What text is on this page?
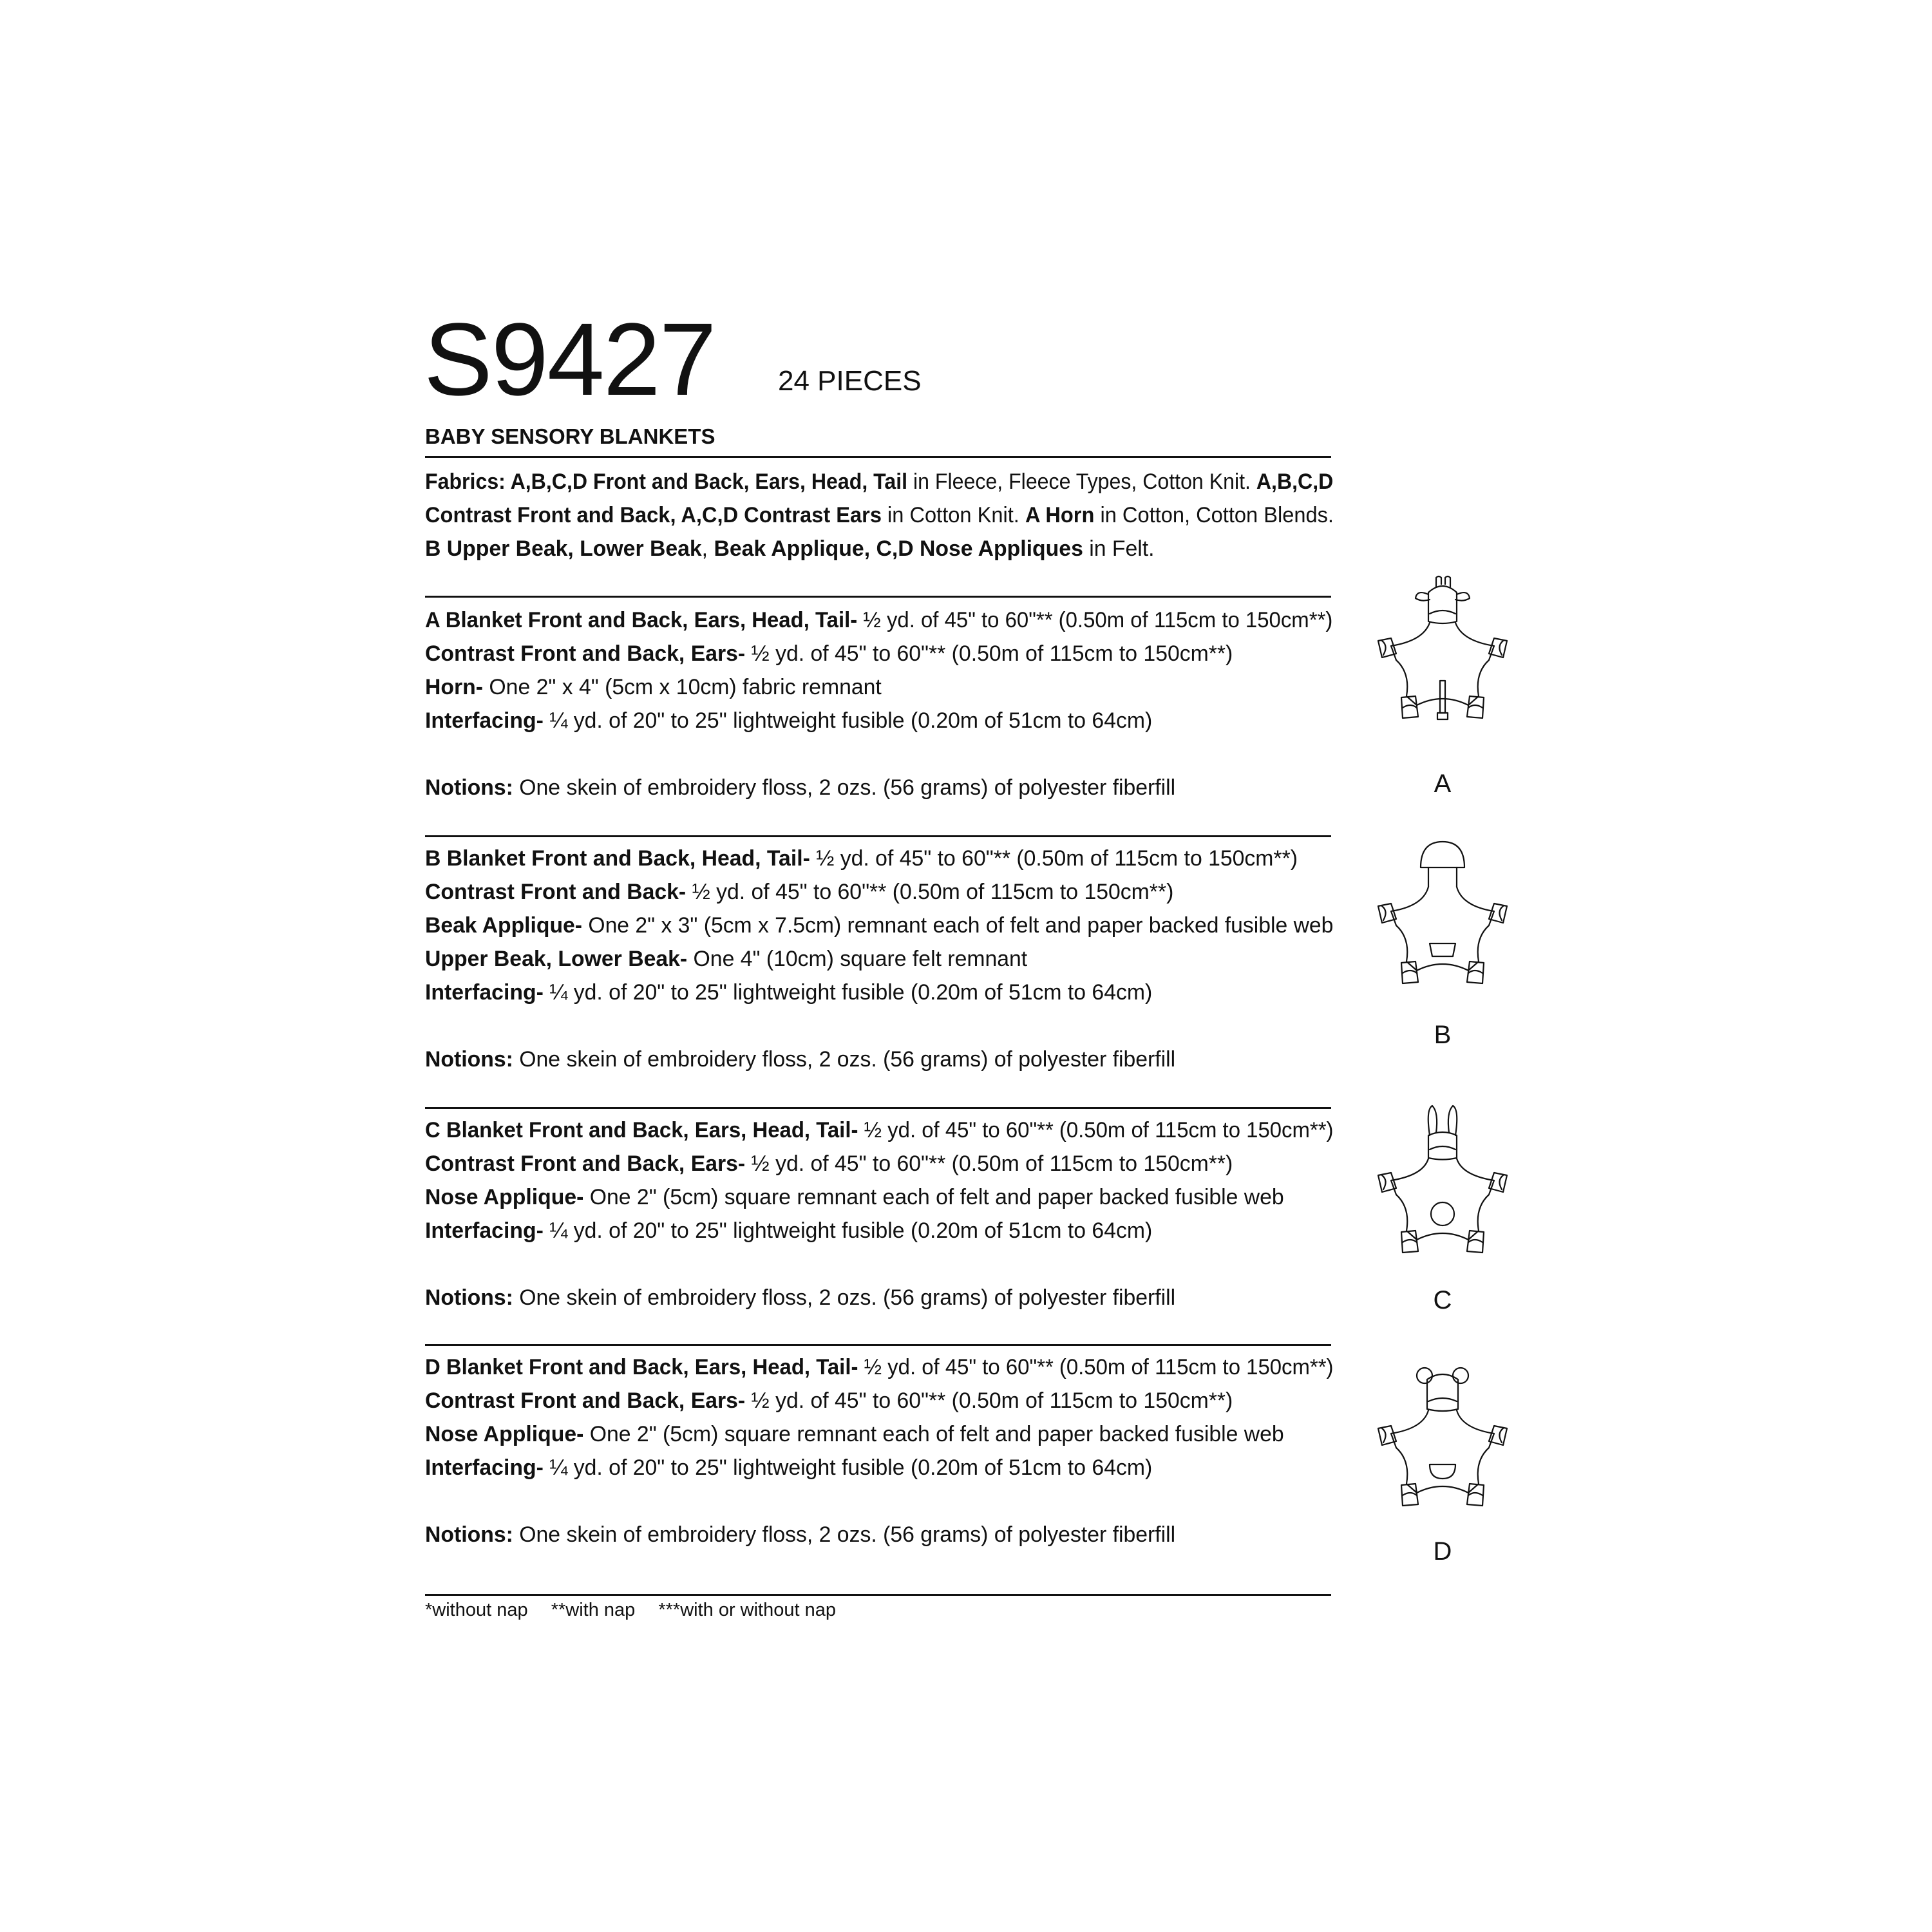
S9427 24 PIECES
BABY SENSORY BLANKETS
Fabrics: A,B,C,D Front and Back, Ears, Head, Tail in Fleece, Fleece Types, Cotton Knit. A,B,C,D
Contrast Front and Back, A,C,D Contrast Ears in Cotton Knit. A Horn in Cotton, Cotton Blends.
B Upper Beak, Lower Beak, Beak Applique, C,D Nose Appliques in Felt.
A Blanket Front and Back, Ears, Head, Tail- ½ yd. of 45" to 60"** (0.50m of 115cm to 150cm**)
Contrast Front and Back, Ears- ½ yd. of 45" to 60"** (0.50m of 115cm to 150cm**)
Horn- One 2" x 4" (5cm x 10cm) fabric remnant
Interfacing- ¼ yd. of 20" to 25" lightweight fusible (0.20m of 51cm to 64cm)
Notions: One skein of embroidery floss, 2 ozs. (56 grams) of polyester fiberfill
B Blanket Front and Back, Head, Tail- ½ yd. of 45" to 60"** (0.50m of 115cm to 150cm**)
Contrast Front and Back- ½ yd. of 45" to 60"** (0.50m of 115cm to 150cm**)
Beak Applique- One 2" x 3" (5cm x 7.5cm) remnant each of felt and paper backed fusible web
Upper Beak, Lower Beak- One 4" (10cm) square felt remnant
Interfacing- ¼ yd. of 20" to 25" lightweight fusible (0.20m of 51cm to 64cm)
Notions: One skein of embroidery floss, 2 ozs. (56 grams) of polyester fiberfill
C Blanket Front and Back, Ears, Head, Tail- ½ yd. of 45" to 60"** (0.50m of 115cm to 150cm**)
Contrast Front and Back, Ears- ½ yd. of 45" to 60"** (0.50m of 115cm to 150cm**)
Nose Applique- One 2" (5cm) square remnant each of felt and paper backed fusible web
Interfacing- ¼ yd. of 20" to 25" lightweight fusible (0.20m of 51cm to 64cm)
Notions: One skein of embroidery floss, 2 ozs. (56 grams) of polyester fiberfill
D Blanket Front and Back, Ears, Head, Tail- ½ yd. of 45" to 60"** (0.50m of 115cm to 150cm**)
Contrast Front and Back, Ears- ½ yd. of 45" to 60"** (0.50m of 115cm to 150cm**)
Nose Applique- One 2" (5cm) square remnant each of felt and paper backed fusible web
Interfacing- ¼ yd. of 20" to 25" lightweight fusible (0.20m of 51cm to 64cm)
Notions: One skein of embroidery floss, 2 ozs. (56 grams) of polyester fiberfill
*without nap **with nap ***with or without nap
A
B
C
D
